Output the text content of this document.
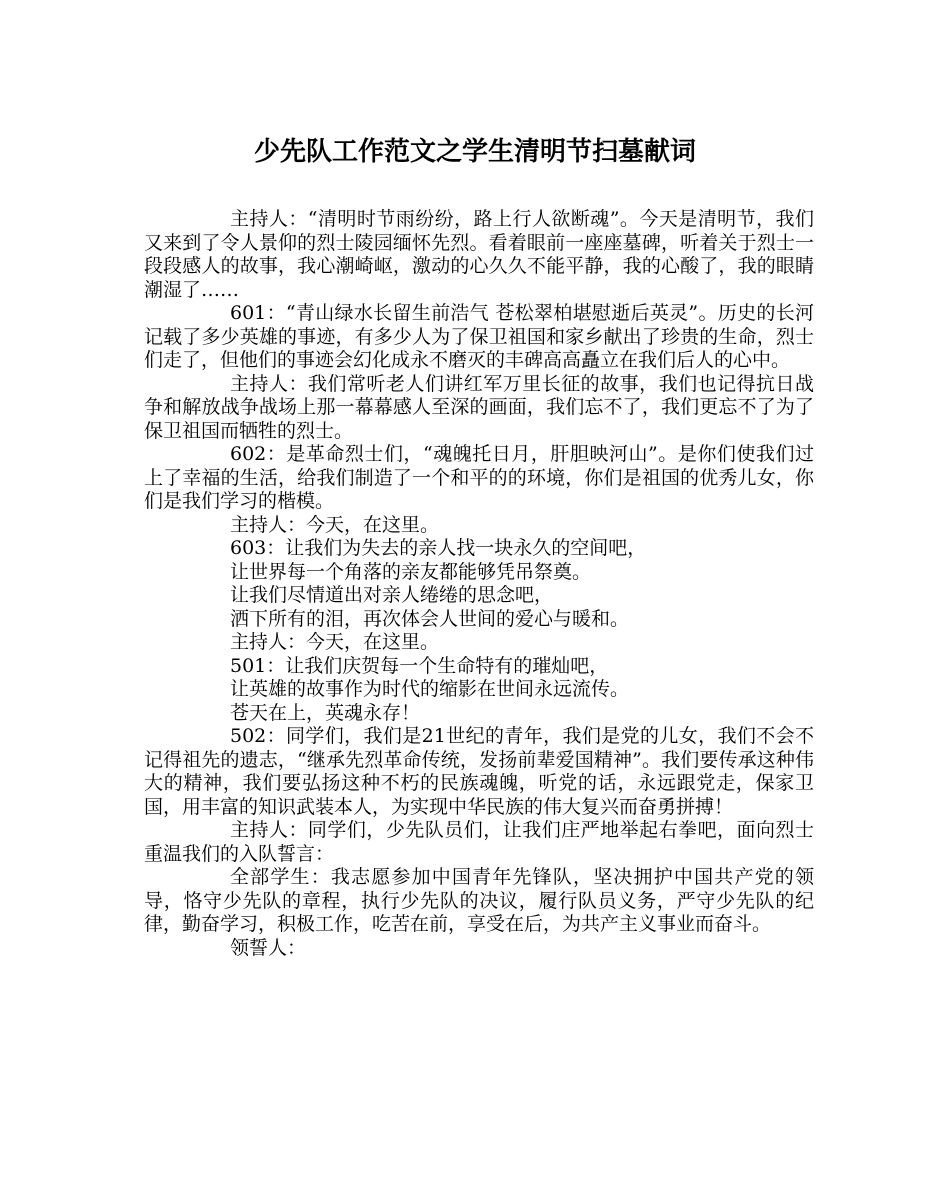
少先队工作范文之学生清明节扫墓献词

主持人：“清明时节雨纷纷，路上行人欲断魂”。今天是清明节，我们又来到了令人景仰的烈士陵园缅怀先烈。看着眼前一座座墓碑，听着关于烈士一段段感人的故事，我心潮崎岖，激动的心久久不能平静，我的心酸了，我的眼睛潮湿了……

601：“青山绿水长留生前浩气 苍松翠柏堪慰逝后英灵”。历史的长河记载了多少英雄的事迹，有多少人为了保卫祖国和家乡献出了珍贵的生命，烈士们走了，但他们的事迹会幻化成永不磨灭的丰碑高高矗立在我们后人的心中。

主持人：我们常听老人们讲红军万里长征的故事，我们也记得抗日战争和解放战争战场上那一幕幕感人至深的画面，我们忘不了，我们更忘不了为了保卫祖国而牺牲的烈士。

602：是革命烈士们，“魂魄托日月，肝胆映河山”。是你们使我们过上了幸福的生活，给我们制造了一个和平的的环境，你们是祖国的优秀儿女，你们是我们学习的楷模。

主持人：今天，在这里。

603：让我们为失去的亲人找一块永久的空间吧，

让世界每一个角落的亲友都能够凭吊祭奠。

让我们尽情道出对亲人绻绻的思念吧，

洒下所有的泪，再次体会人世间的爱心与暖和。

主持人：今天，在这里。

501：让我们庆贺每一个生命特有的璀灿吧，

让英雄的故事作为时代的缩影在世间永远流传。

苍天在上，英魂永存！

502：同学们，我们是21世纪的青年，我们是党的儿女，我们不会不记得祖先的遗志，“继承先烈革命传统，发扬前辈爱国精神”。我们要传承这种伟大的精神，我们要弘扬这种不朽的民族魂魄，听党的话，永远跟党走，保家卫国，用丰富的知识武装本人，为实现中华民族的伟大复兴而奋勇拼搏！

主持人：同学们，少先队员们，让我们庄严地举起右拳吧，面向烈士重温我们的入队誓言：

全部学生：我志愿参加中国青年先锋队，坚决拥护中国共产党的领导，恪守少先队的章程，执行少先队的决议，履行队员义务，严守少先队的纪律，勤奋学习，积极工作，吃苦在前，享受在后，为共产主义事业而奋斗。

领誓人：
